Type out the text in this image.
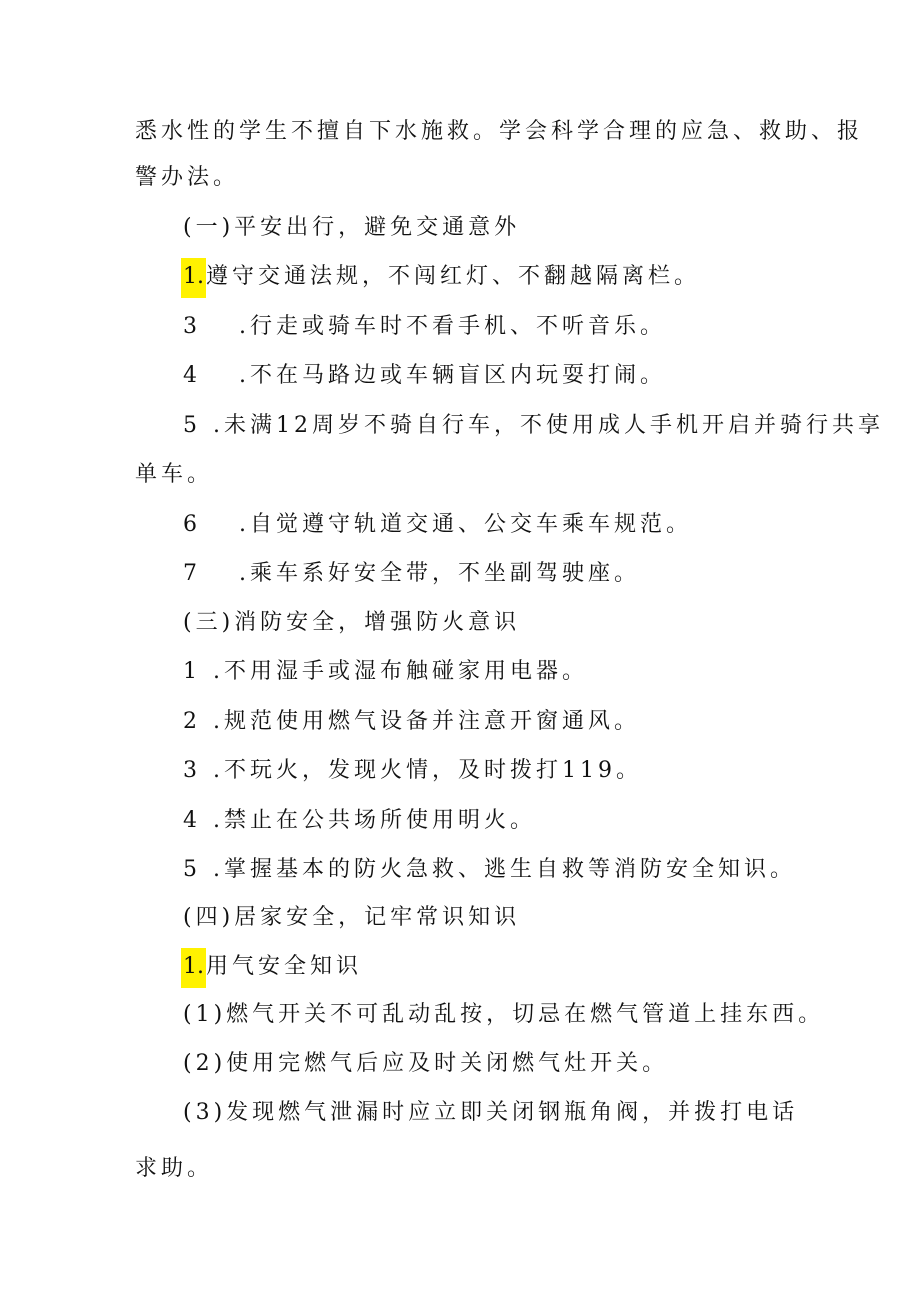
悉水性的学生不擅自下水施救。学会科学合理的应急、救助、报
警办法。
(一)平安出行，避免交通意外
1.遵守交通法规，不闯红灯、不翻越隔离栏。
3 .行走或骑车时不看手机、不听音乐。
4 .不在马路边或车辆盲区内玩耍打闹。
5 .未满12周岁不骑自行车，不使用成人手机开启并骑行共享
单车。
6 .自觉遵守轨道交通、公交车乘车规范。
7 .乘车系好安全带，不坐副驾驶座。
(三)消防安全，增强防火意识
1 .不用湿手或湿布触碰家用电器。
2 .规范使用燃气设备并注意开窗通风。
3 .不玩火，发现火情，及时拨打119。
4 .禁止在公共场所使用明火。
5 .掌握基本的防火急救、逃生自救等消防安全知识。
(四)居家安全，记牢常识知识
1.用气安全知识
(1)燃气开关不可乱动乱按，切忌在燃气管道上挂东西。
(2)使用完燃气后应及时关闭燃气灶开关。
(3)发现燃气泄漏时应立即关闭钢瓶角阀，并拨打电话
求助。
